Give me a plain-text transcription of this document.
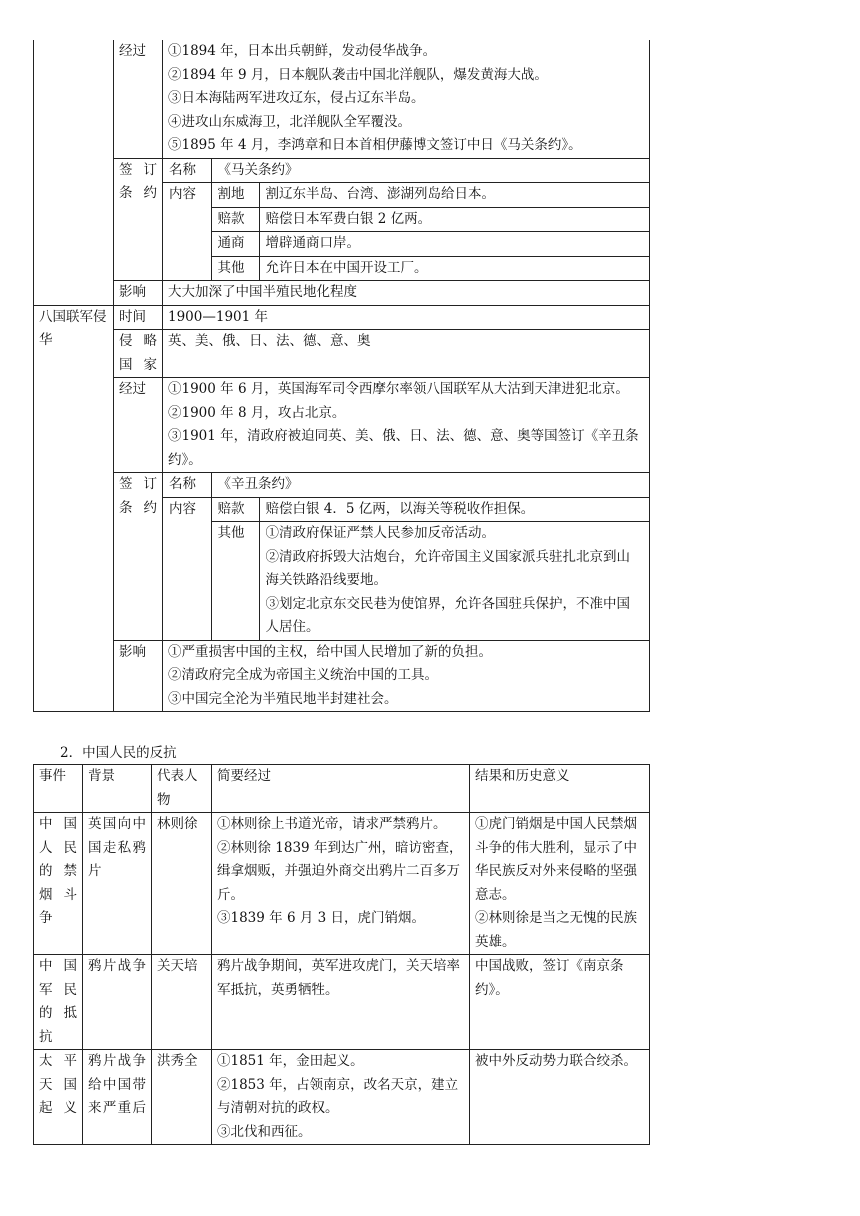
	经过	①1894 年，日本出兵朝鲜，发动侵华战争。
②1894 年 9 月，日本舰队袭击中国北洋舰队，爆发黄海大战。
③日本海陆两军进攻辽东，侵占辽东半岛。
④进攻山东威海卫，北洋舰队全军覆没。
⑤1895 年 4 月，李鸿章和日本首相伊藤博文签订中日《马关条约》。

签订条约	
名称	《马关条约》
内容	割地	割辽东半岛、台湾、澎湖列岛给日本。
赔款	赔偿日本军费白银 2 亿两。
通商	增辟通商口岸。
其他	允许日本在中国开设工厂。

影响	大大加深了中国半殖民地化程度
八国联军侵华	时间	1900—1901 年
侵略国家	英、美、俄、日、法、德、意、奥
经过	①1900 年 6 月，英国海军司令西摩尔率领八国联军从大沽到天津进犯北京。
②1900 年 8 月，攻占北京。
③1901 年，清政府被迫同英、美、俄、日、法、德、意、奥等国签订《辛丑条约》。

签订条约	
名称	《辛丑条约》
内容	赔款	赔偿白银 4．5 亿两，以海关等税收作担保。
其他	①清政府保证严禁人民参加反帝活动。
②清政府拆毁大沽炮台，允许帝国主义国家派兵驻扎北京到山海关铁路沿线要地。
③划定北京东交民巷为使馆界，允许各国驻兵保护，不准中国人居住。

影响	①严重损害中国的主权，给中国人民增加了新的负担。
②清政府完全成为帝国主义统治中国的工具。
③中国完全沦为半殖民地半封建社会。
2．中国人民的反抗
事件	背景	代表人物	简要经过	结果和历史意义
中国人民的禁烟斗争	英国向中国走私鸦片	林则徐	①林则徐上书道光帝，请求严禁鸦片。
②林则徐 1839 年到达广州，暗访密查，缉拿烟贩，并强迫外商交出鸦片二百多万斤。
③1839 年 6 月 3 日，虎门销烟。	①虎门销烟是中国人民禁烟斗争的伟大胜利，显示了中华民族反对外来侵略的坚强意志。
②林则徐是当之无愧的民族英雄。

中国军民的抵抗	鸦片战争	关天培	鸦片战争期间，英军进攻虎门，关天培率军抵抗，英勇牺牲。	中国战败，签订《南京条约》。

太平天国起义	鸦片战争给中国带来严重后	洪秀全	①1851 年，金田起义。
②1853 年，占领南京，改名天京，建立与清朝对抗的政权。
③北伐和西征。	被中外反动势力联合绞杀。
